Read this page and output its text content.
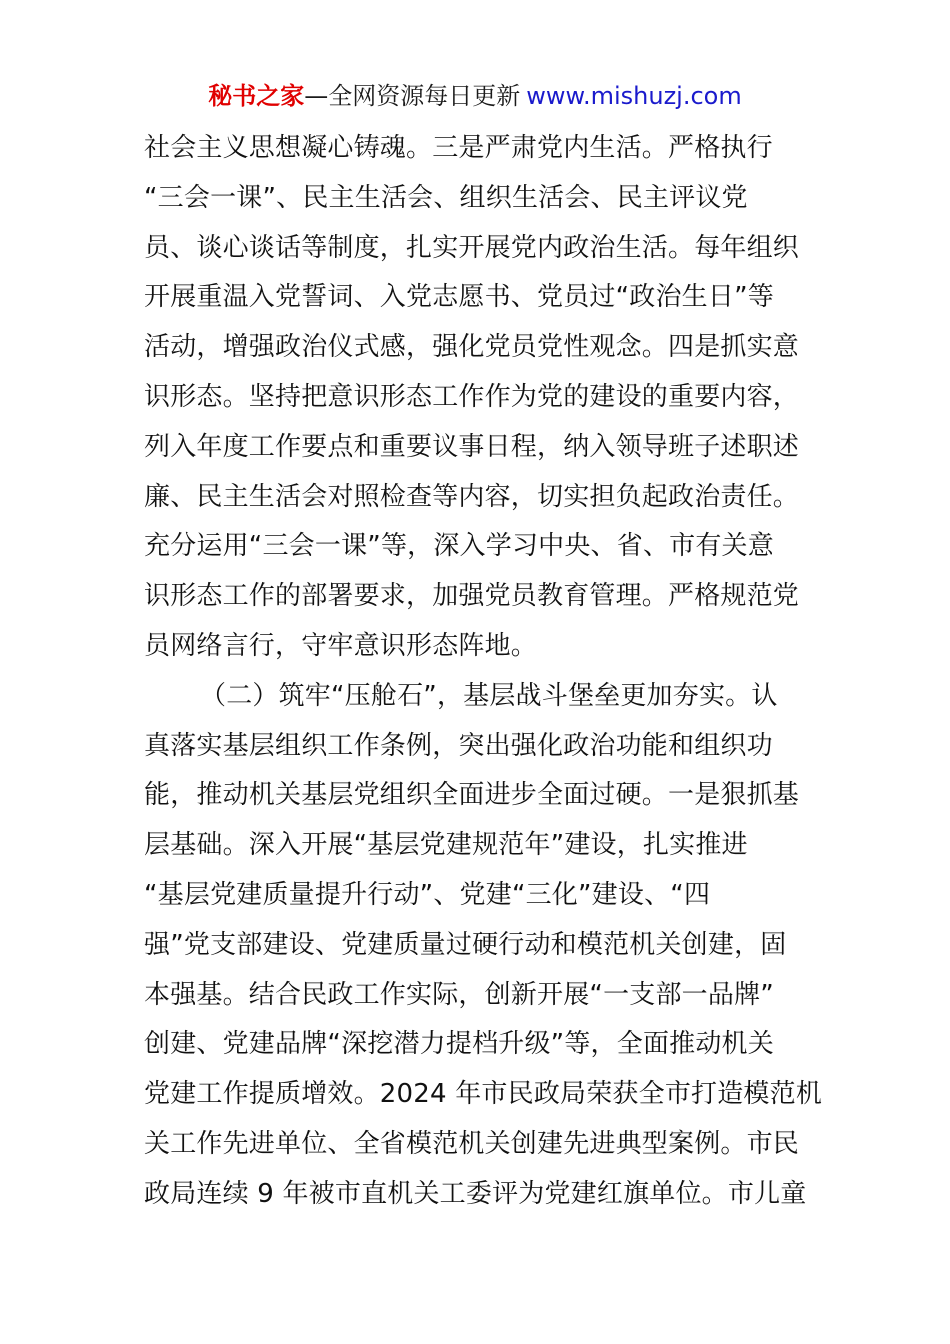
秘书之家—全网资源每日更新 www.mishuzj.com
社会主义思想凝心铸魂。三是严肃党内生活。严格执行
“三会一课”、民主生活会、组织生活会、民主评议党
员、谈心谈话等制度，扎实开展党内政治生活。每年组织
开展重温入党誓词、入党志愿书、党员过“政治生日”等
活动，增强政治仪式感，强化党员党性观念。四是抓实意
识形态。坚持把意识形态工作作为党的建设的重要内容，
列入年度工作要点和重要议事日程，纳入领导班子述职述
廉、民主生活会对照检查等内容，切实担负起政治责任。
充分运用“三会一课”等，深入学习中央、省、市有关意
识形态工作的部署要求，加强党员教育管理。严格规范党
员网络言行，守牢意识形态阵地。
（二）筑牢“压舱石”，基层战斗堡垒更加夯实。认
真落实基层组织工作条例，突出强化政治功能和组织功
能，推动机关基层党组织全面进步全面过硬。一是狠抓基
层基础。深入开展“基层党建规范年”建设，扎实推进
“基层党建质量提升行动”、党建“三化”建设、“四
强”党支部建设、党建质量过硬行动和模范机关创建，固
本强基。结合民政工作实际，创新开展“一支部一品牌”
创建、党建品牌“深挖潜力提档升级”等，全面推动机关
党建工作提质增效。2024 年市民政局荣获全市打造模范机
关工作先进单位、全省模范机关创建先进典型案例。市民
政局连续 9 年被市直机关工委评为党建红旗单位。市儿童
